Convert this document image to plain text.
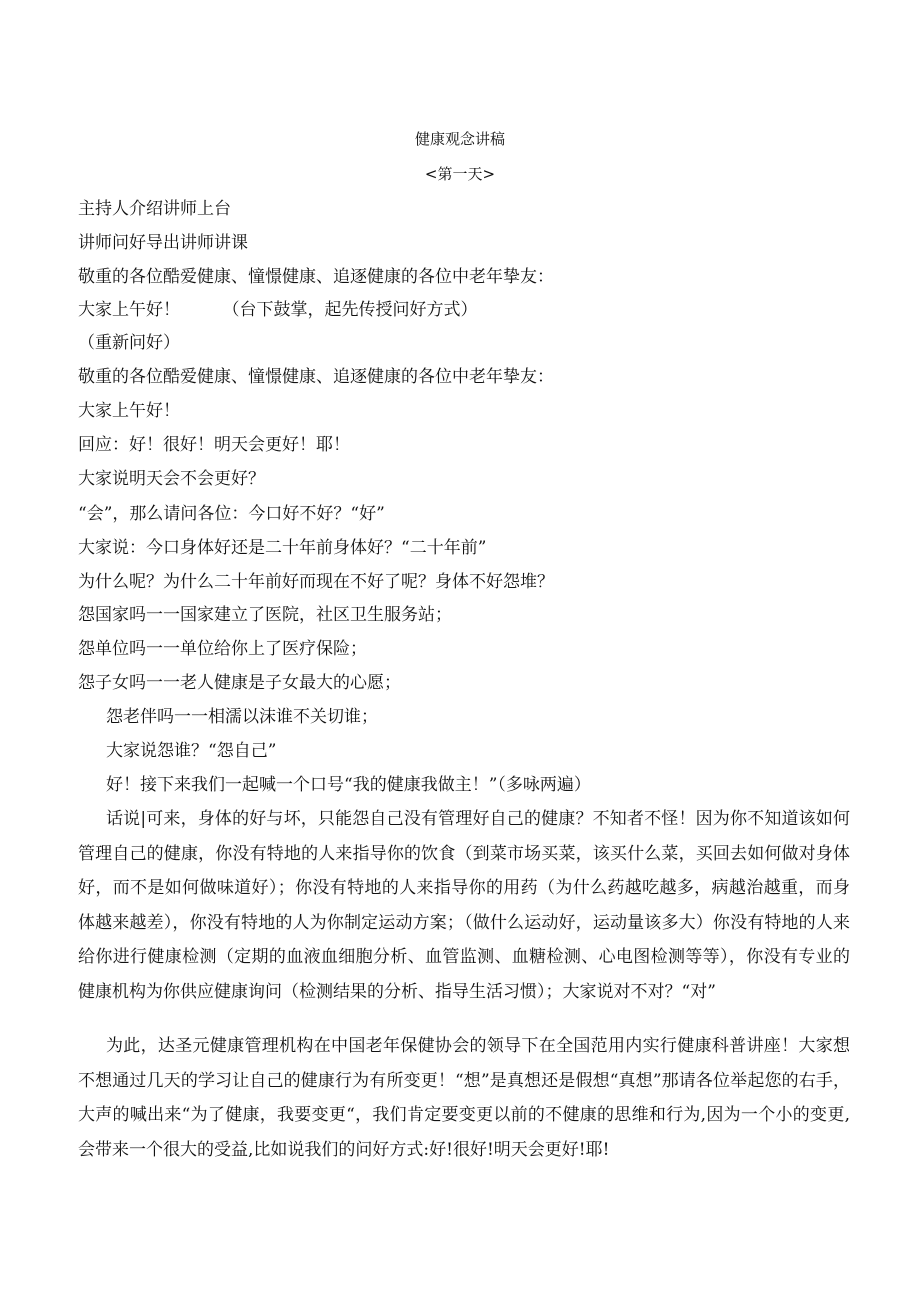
健康观念讲稿
<第一天>
主持人介绍讲师上台
讲师问好导出讲师讲课
敬重的各位酷爱健康、憧憬健康、追逐健康的各位中老年挚友：
大家上午好！　　　（台下鼓掌，起先传授问好方式）
（重新问好）
敬重的各位酷爱健康、憧憬健康、追逐健康的各位中老年挚友：
大家上午好！
回应：好！很好！明天会更好！耶！
大家说明天会不会更好？
“会”，那么请问各位：今口好不好？“好”
大家说：今口身体好还是二十年前身体好？“二十年前”
为什么呢？为什么二十年前好而现在不好了呢？身体不好怨堆？
怨国家吗一一国家建立了医院，社区卫生服务站；
怨单位吗一一单位给你上了医疗保险；
怨子女吗一一老人健康是子女最大的心愿；
怨老伴吗一一相濡以沫谁不关切谁；
大家说怨谁？“怨自己”
好！接下来我们一起喊一个口号“我的健康我做主！”（多咏两遍）

话说|可来，身体的好与坏，只能怨自己没有管理好自己的健康？不知者不怪！因为你不知道该如何管理自己的健康，你没有特地的人来指导你的饮食（到菜市场买菜，该买什么菜，买回去如何做对身体好，而不是如何做味道好）；你没有特地的人来指导你的用药（为什么药越吃越多，病越治越重，而身体越来越差），你没有特地的人为你制定运动方案；（做什么运动好，运动量该多大）你没有特地的人来给你进行健康检测（定期的血液血细胞分析、血管监测、血糖检测、心电图检测等等），你没有专业的健康机构为你供应健康询问（检测结果的分析、指导生活习惯）；大家说对不对？“对”

为此，达圣元健康管理机构在中国老年保健协会的领导下在全国范用内实行健康科普讲座！大家想不想通过几天的学习让自己的健康行为有所变更！“想”是真想还是假想“真想”那请各位举起您的右手，大声的喊出来“为了健康，我要变更“，我们肯定要变更以前的不健康的思维和行为,因为一个小的变更,会带来一个很大的受益,比如说我们的问好方式:好!很好!明天会更好!耶!
